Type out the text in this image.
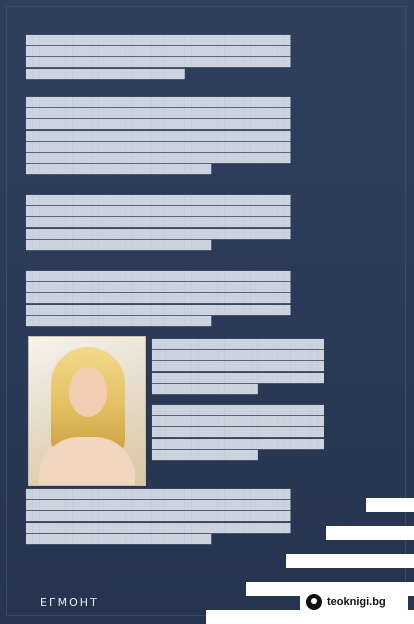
████████████████████████████████████████
████████████████████████████████████████
████████████████████████████████████████
████████████████████████
████████████████████████████████████████
████████████████████████████████████████
████████████████████████████████████████
████████████████████████████████████████
████████████████████████████████████████
████████████████████████████████████████
████████████████████████████
████████████████████████████████████████
████████████████████████████████████████
████████████████████████████████████████
████████████████████████████████████████
████████████████████████████
████████████████████████████████████████
████████████████████████████████████████
████████████████████████████████████████
████████████████████████████████████████
████████████████████████████
██████████████████████████
██████████████████████████
██████████████████████████
██████████████████████████
████████████████
██████████████████████████
██████████████████████████
██████████████████████████
██████████████████████████
████████████████
████████████████████████████████████████
████████████████████████████████████████
████████████████████████████████████████
████████████████████████████████████████
████████████████████████████
ЕГМОНТ	teoknigi.bg
